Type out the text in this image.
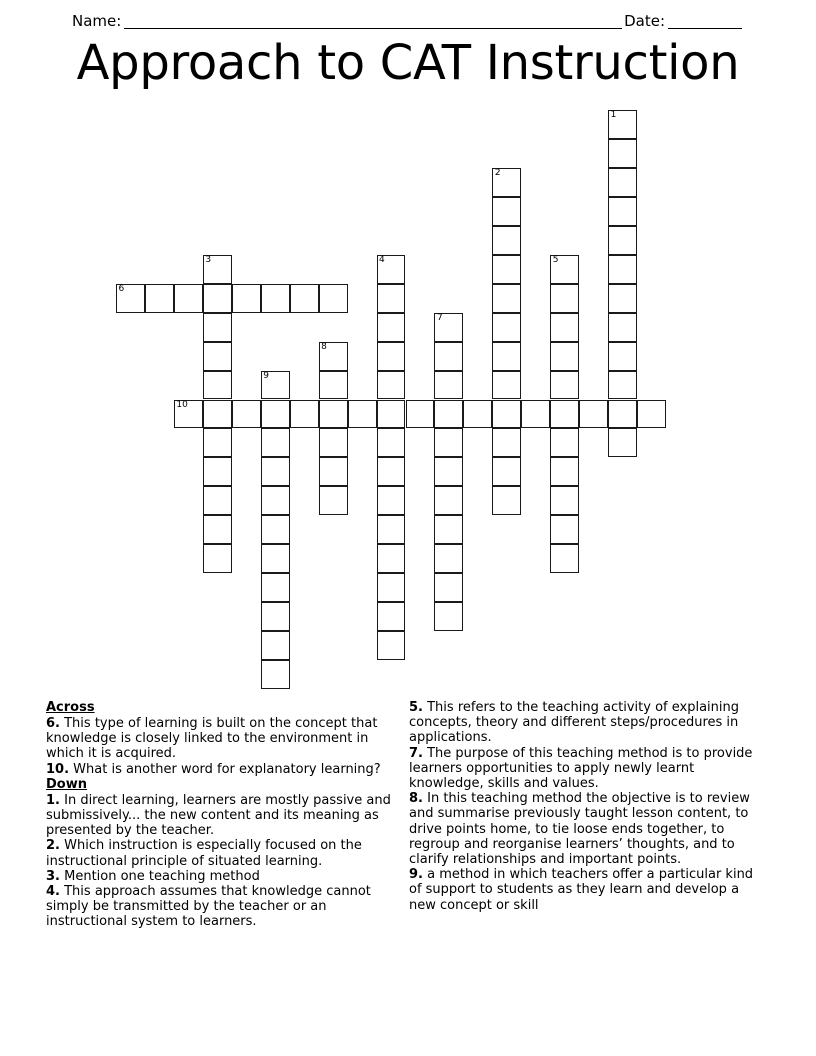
Name:	Date:
Approach to CAT Instruction
1
2
3	4	5
6
7
8
9
10
Across

6. This type of learning is built on the concept that knowledge is closely linked to the environment in which it is acquired.

10. What is another word for explanatory learning?

Down

1. In direct learning, learners are mostly passive and submissively... the new content and its meaning as presented by the teacher.

2. Which instruction is especially focused on the instructional principle of situated learning.

3. Mention one teaching method

4. This approach assumes that knowledge cannot simply be transmitted by the teacher or an instructional system to learners.

5. This refers to the teaching activity of explaining concepts, theory and different steps/procedures in applications.

7. The purpose of this teaching method is to provide learners opportunities to apply newly learnt knowledge, skills and values.

8. In this teaching method the objective is to review and summarise previously taught lesson content, to drive points home, to tie loose ends together, to regroup and reorganise learners’ thoughts, and to clarify relationships and important points.

9. a method in which teachers offer a particular kind of support to students as they learn and develop a new concept or skill
